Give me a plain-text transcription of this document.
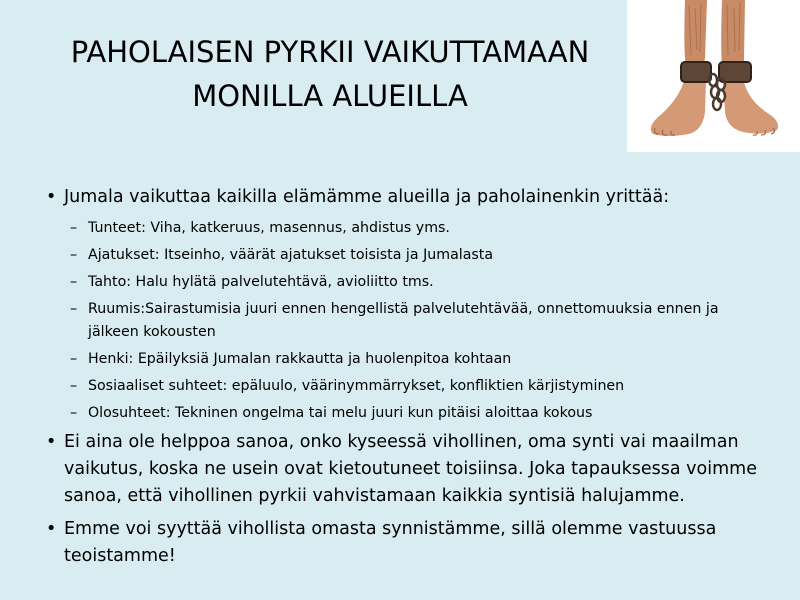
PAHOLAISEN PYRKII VAIKUTTAMAAN
MONILLA ALUEILLA
• Jumala vaikuttaa kaikilla elämämme alueilla ja paholainenkin yrittää:
– Tunteet: Viha, katkeruus, masennus, ahdistus yms.
– Ajatukset: Itseinho, väärät ajatukset toisista ja Jumalasta
– Tahto: Halu hylätä palvelutehtävä, avioliitto tms.
– Ruumis:Sairastumisia juuri ennen hengellistä palvelutehtävää, onnettomuuksia ennen ja jälkeen kokousten
– Henki: Epäilyksiä Jumalan rakkautta ja huolenpitoa kohtaan
– Sosiaaliset suhteet: epäluulo, väärinymmärrykset, konfliktien kärjistyminen
– Olosuhteet: Tekninen ongelma tai melu juuri kun pitäisi aloittaa kokous
• Ei aina ole helppoa sanoa, onko kyseessä vihollinen, oma synti vai maailman vaikutus, koska ne usein ovat kietoutuneet toisiinsa. Joka tapauksessa voimme sanoa, että vihollinen pyrkii vahvistamaan kaikkia syntisiä halujamme.
• Emme voi syyttää vihollista omasta synnistämme, sillä olemme vastuussa teoistamme!
